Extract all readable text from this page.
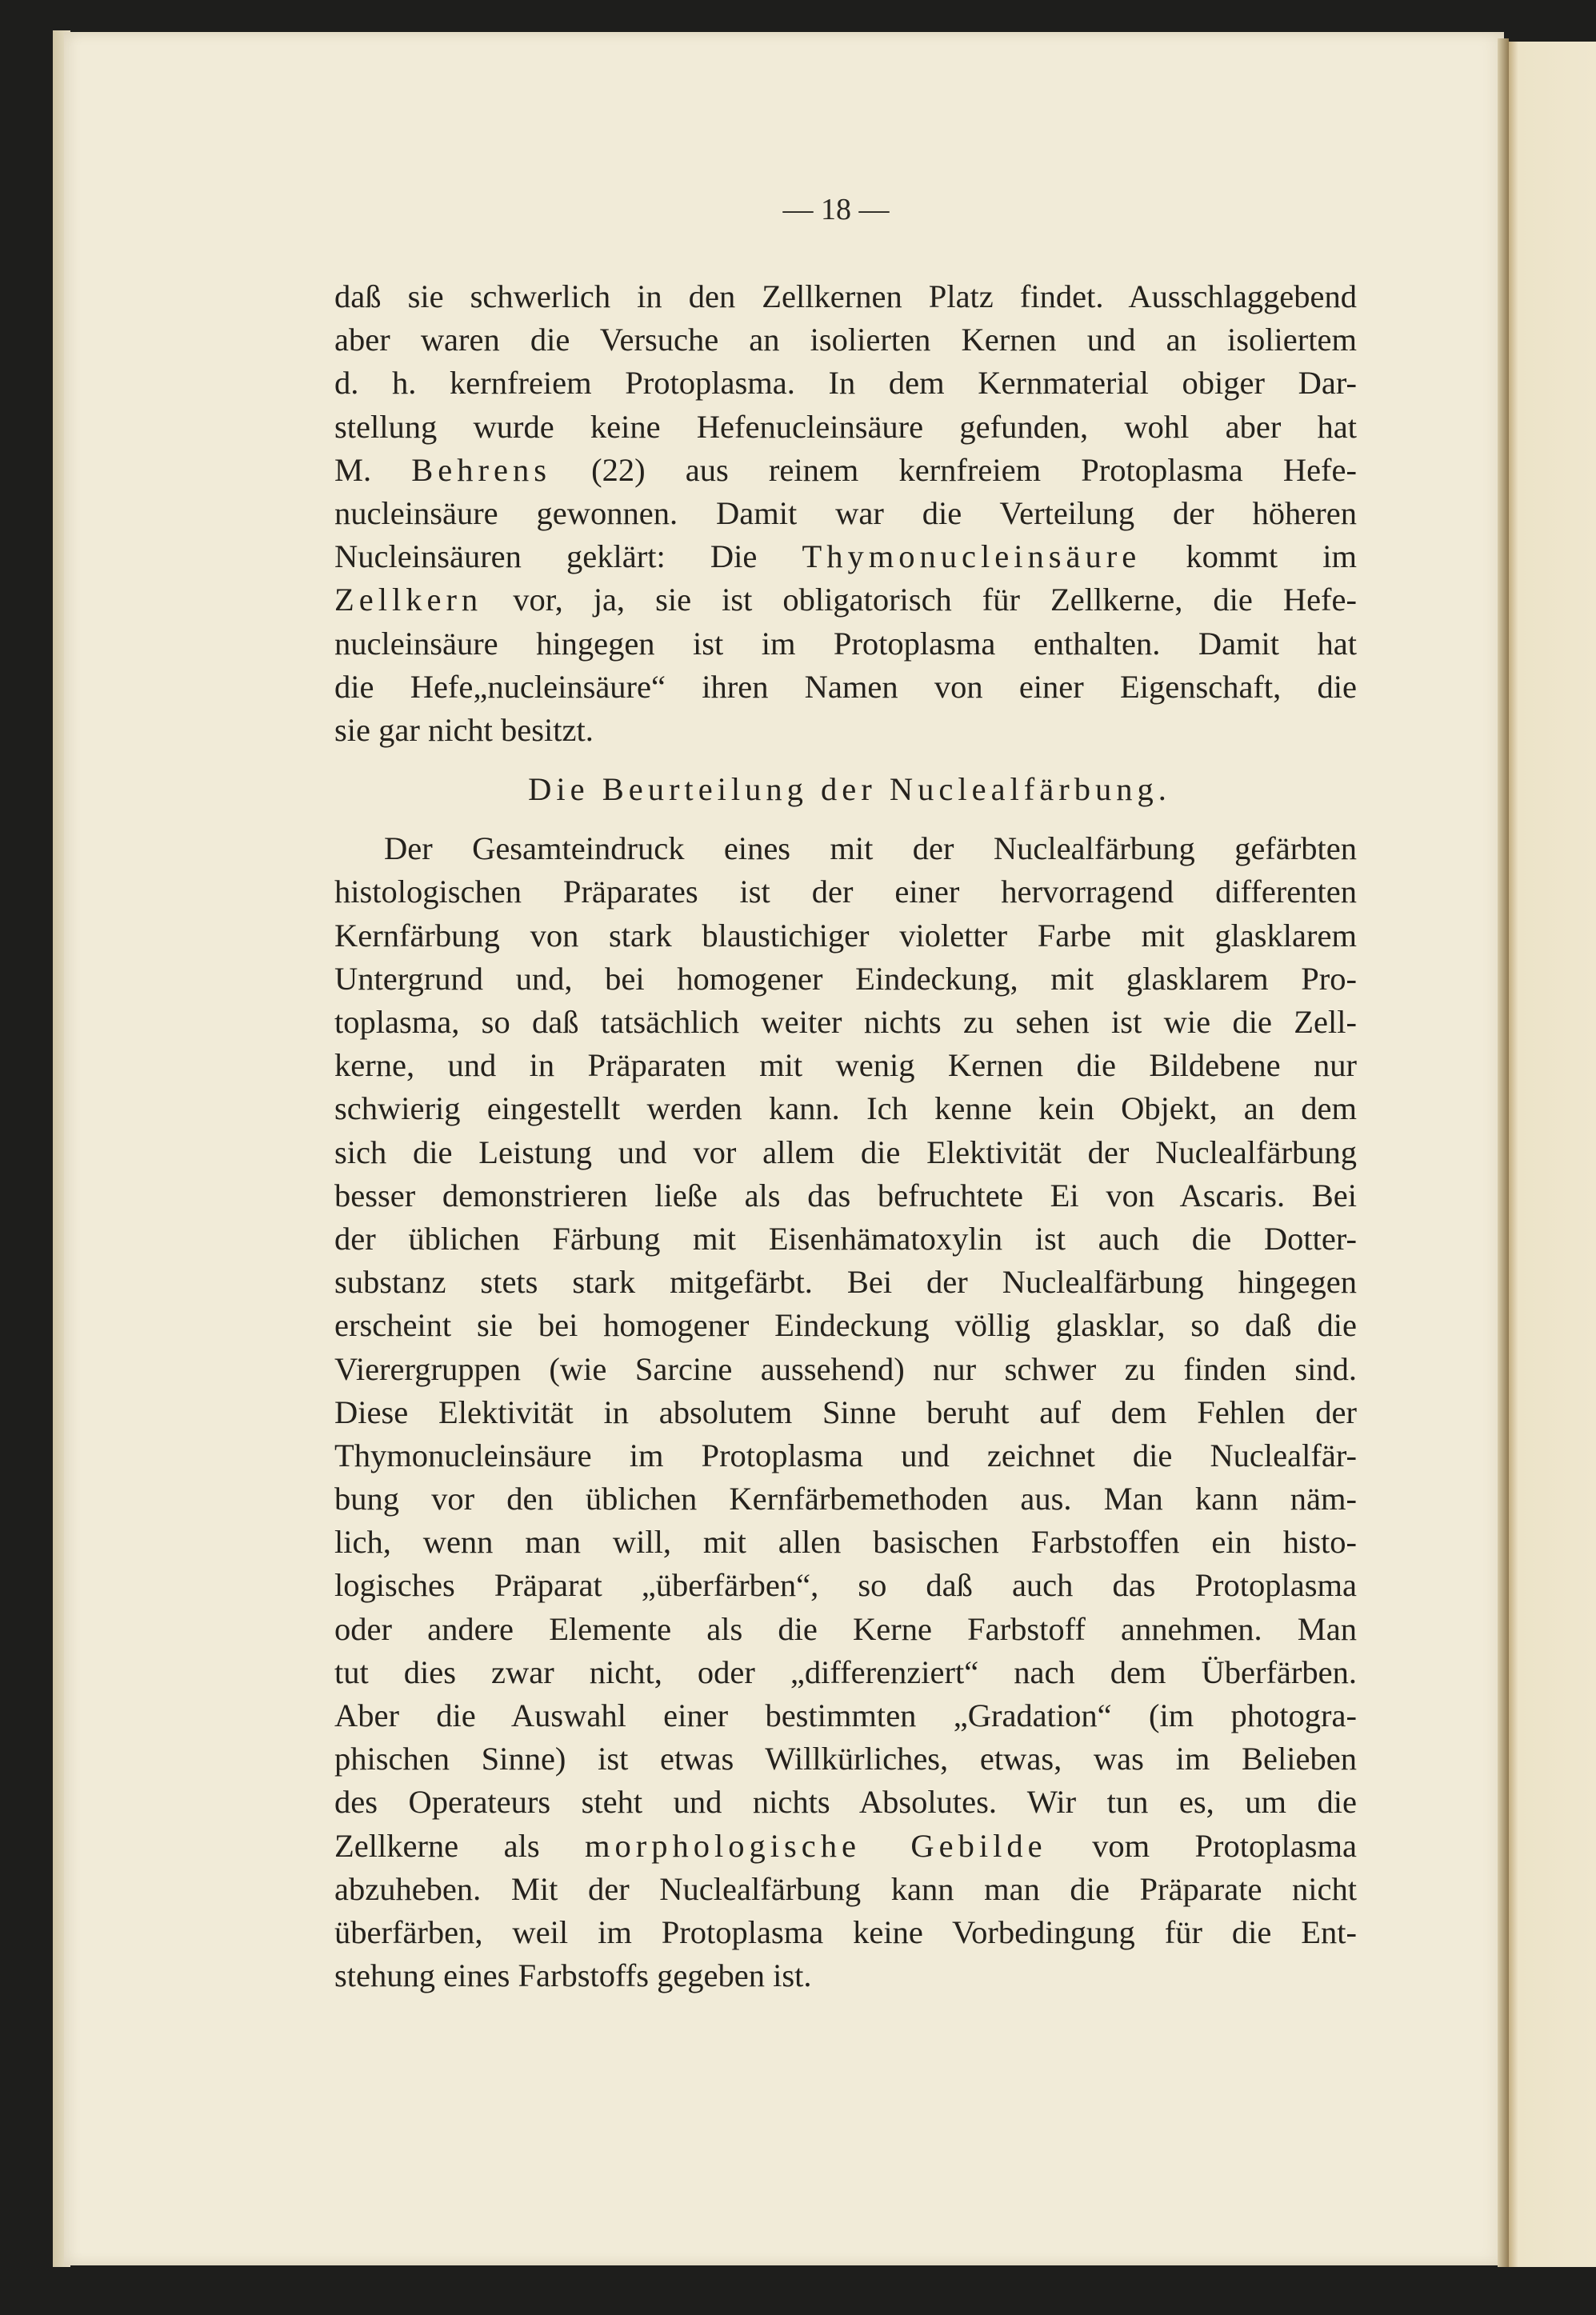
— 18 —
daß sie schwerlich in den Zellkernen Platz findet. Ausschlaggebend
aber waren die Versuche an isolierten Kernen und an isoliertem
d. h. kernfreiem Protoplasma. In dem Kernmaterial obiger Dar-
stellung wurde keine Hefenucleinsäure gefunden, wohl aber hat
M. Behrens (22) aus reinem kernfreiem Protoplasma Hefe-
nucleinsäure gewonnen. Damit war die Verteilung der höheren
Nucleinsäuren geklärt: Die Thymonucleinsäure kommt im
Zellkern vor, ja, sie ist obligatorisch für Zellkerne, die Hefe-
nucleinsäure hingegen ist im Protoplasma enthalten. Damit hat
die Hefe„nucleinsäure“ ihren Namen von einer Eigenschaft, die
sie gar nicht besitzt.
Die Beurteilung der Nuclealfärbung.
Der Gesamteindruck eines mit der Nuclealfärbung gefärbten
histologischen Präparates ist der einer hervorragend differenten
Kernfärbung von stark blaustichiger violetter Farbe mit glasklarem
Untergrund und, bei homogener Eindeckung, mit glasklarem Pro-
toplasma, so daß tatsächlich weiter nichts zu sehen ist wie die Zell-
kerne, und in Präparaten mit wenig Kernen die Bildebene nur
schwierig eingestellt werden kann. Ich kenne kein Objekt, an dem
sich die Leistung und vor allem die Elektivität der Nuclealfärbung
besser demonstrieren ließe als das befruchtete Ei von Ascaris. Bei
der üblichen Färbung mit Eisenhämatoxylin ist auch die Dotter-
substanz stets stark mitgefärbt. Bei der Nuclealfärbung hingegen
erscheint sie bei homogener Eindeckung völlig glasklar, so daß die
Vierergruppen (wie Sarcine aussehend) nur schwer zu finden sind.
Diese Elektivität in absolutem Sinne beruht auf dem Fehlen der
Thymonucleinsäure im Protoplasma und zeichnet die Nuclealfär-
bung vor den üblichen Kernfärbemethoden aus. Man kann näm-
lich, wenn man will, mit allen basischen Farbstoffen ein histo-
logisches Präparat „überfärben“, so daß auch das Protoplasma
oder andere Elemente als die Kerne Farbstoff annehmen. Man
tut dies zwar nicht, oder „differenziert“ nach dem Überfärben.
Aber die Auswahl einer bestimmten „Gradation“ (im photogra-
phischen Sinne) ist etwas Willkürliches, etwas, was im Belieben
des Operateurs steht und nichts Absolutes. Wir tun es, um die
Zellkerne als morphologische Gebilde vom Protoplasma
abzuheben. Mit der Nuclealfärbung kann man die Präparate nicht
überfärben, weil im Protoplasma keine Vorbedingung für die Ent-
stehung eines Farbstoffs gegeben ist.
